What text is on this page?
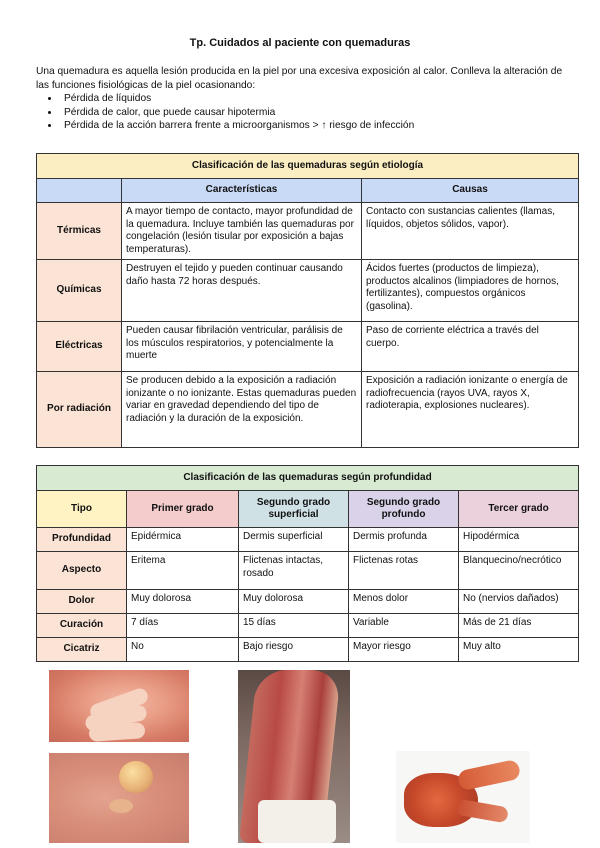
Tp. Cuidados al paciente con quemaduras
Una quemadura es aquella lesión producida en la piel por una excesiva exposición al calor. Conlleva la alteración de las funciones fisiológicas de la piel ocasionando:
• Pérdida de líquidos
• Pérdida de calor, que puede causar hipotermia
• Pérdida de la acción barrera frente a microorganismos > ↑ riesgo de infección
Clasificación de las quemaduras según etiología		
	Características	Causas
Térmicas	A mayor tiempo de contacto, mayor profundidad de la quemadura. Incluye también las quemaduras por congelación (lesión tisular por exposición a bajas temperaturas).	Contacto con sustancias calientes (llamas, líquidos, objetos sólidos, vapor).
Químicas	Destruyen el tejido y pueden continuar causando daño hasta 72 horas después.	Ácidos fuertes (productos de limpieza), productos alcalinos (limpiadores de hornos, fertilizantes), compuestos orgánicos (gasolina).
Eléctricas	Pueden causar fibrilación ventricular, parálisis de los músculos respiratorios, y potencialmente la muerte	Paso de corriente eléctrica a través del cuerpo.
Por radiación	Se producen debido a la exposición a radiación ionizante o no ionizante. Estas quemaduras pueden variar en gravedad dependiendo del tipo de radiación y la duración de la exposición.	Exposición a radiación ionizante o energía de radiofrecuencia (rayos UVA, rayos X, radioterapia, explosiones nucleares).
Clasificación de las quemaduras según profundidad				
Tipo	Primer grado	Segundo grado superficial	Segundo grado profundo	Tercer grado
Profundidad	Epidérmica	Dermis superficial	Dermis profunda	Hipodérmica
Aspecto	Eritema	Flictenas intactas, rosado	Flictenas rotas	Blanquecino/necrótico
Dolor	Muy dolorosa	Muy dolorosa	Menos dolor	No (nervios dañados)
Curación	7 días	15 días	Variable	Más de 21 días
Cicatriz	No	Bajo riesgo	Mayor riesgo	Muy alto
